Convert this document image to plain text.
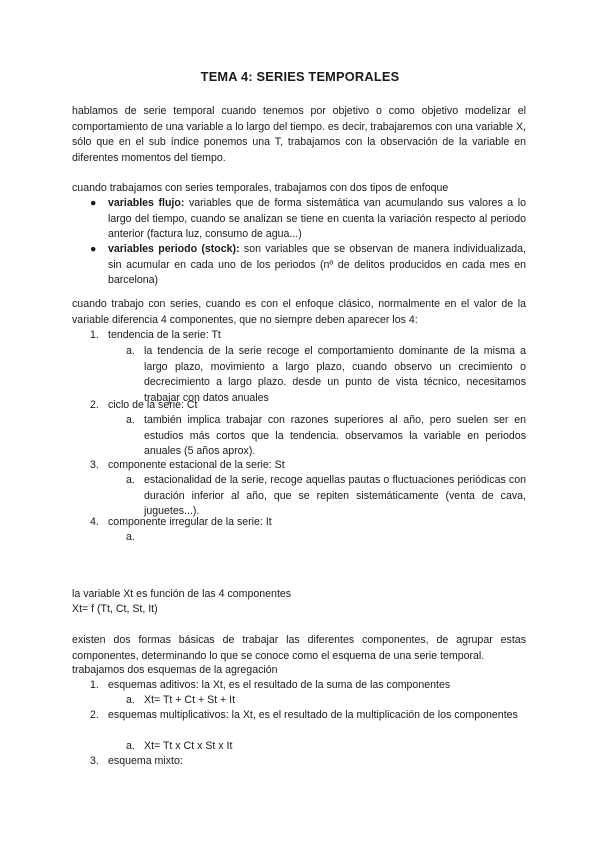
TEMA 4: SERIES TEMPORALES
hablamos de serie temporal cuando tenemos por objetivo o como objetivo modelizar el comportamiento de una variable a lo largo del tiempo. es decir, trabajaremos con una variable X, sólo que en el sub índice ponemos una T, trabajamos con la observación de la variable en diferentes momentos del tiempo.
cuando trabajamos con series temporales, trabajamos con dos tipos de enfoque
● variables flujo: variables que de forma sistemática van acumulando sus valores a lo largo del tiempo, cuando se analizan se tiene en cuenta la variación respecto al periodo anterior (factura luz, consumo de agua...)
● variables periodo (stock): son variables que se observan de manera individualizada, sin acumular en cada uno de los periodos (nº de delitos producidos en cada mes en barcelona)
cuando trabajo con series, cuando es con el enfoque clásico, normalmente en el valor de la variable diferencia 4 componentes, que no siempre deben aparecer los 4:
1. tendencia de la serie: Tt
a. la tendencia de la serie recoge el comportamiento dominante de la misma a largo plazo, movimiento a largo plazo, cuando observo un crecimiento o decrecimiento a largo plazo. desde un punto de vista técnico, necesitamos trabajar con datos anuales
2. ciclo de la serie: Ct
a. también implica trabajar con razones superiores al año, pero suelen ser en estudios más cortos que la tendencia. observamos la variable en periodos anuales (5 años aprox).
3. componente estacional de la serie: St
a. estacionalidad de la serie, recoge aquellas pautas o fluctuaciones periódicas con duración inferior al año, que se repiten sistemáticamente (venta de cava, juguetes...).
4. componente irregular de la serie: It
a.
la variable Xt es función de las 4 componentes
Xt= f (Tt, Ct, St, It)
existen dos formas básicas de trabajar las diferentes componentes, de agrupar estas componentes, determinando lo que se conoce como el esquema de una serie temporal.
trabajamos dos esquemas de la agregación
1. esquemas aditivos: la Xt, es el resultado de la suma de las componentes
a. Xt= Tt + Ct + St + It
2. esquemas multiplicativos: la Xt, es el resultado de la multiplicación de los componentes
a. Xt= Tt x Ct x St x It
3. esquema mixto:
